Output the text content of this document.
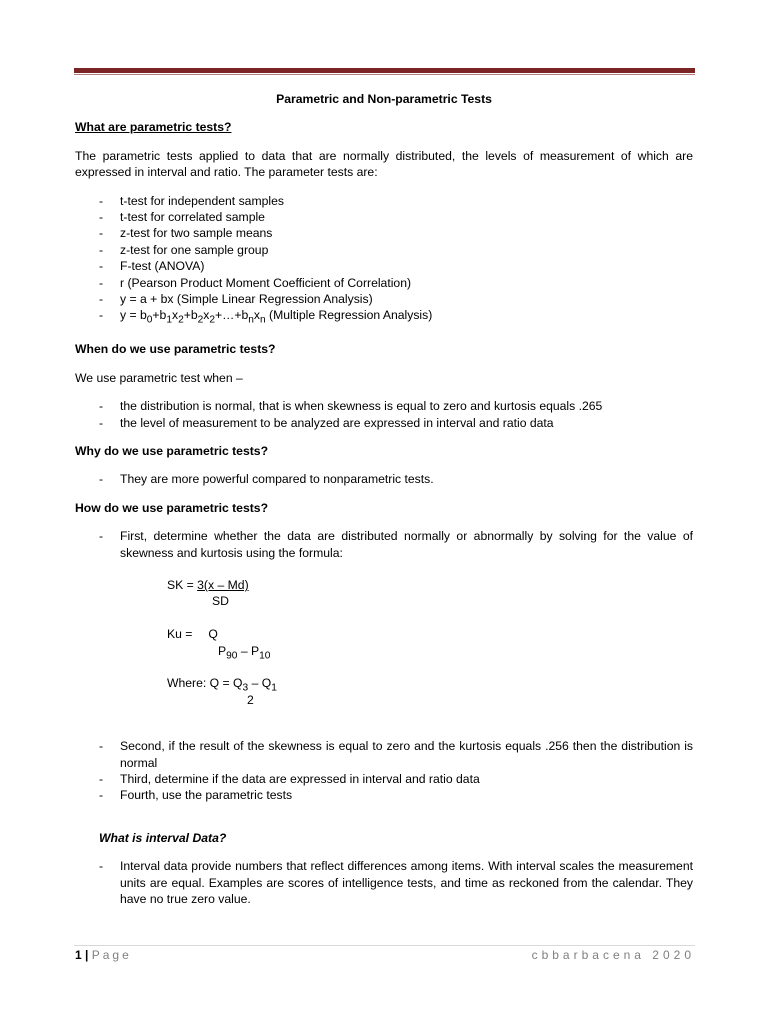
Parametric and Non-parametric Tests
What are parametric tests?

The parametric tests applied to data that are normally distributed, the levels of measurement of which are expressed in interval and ratio. The parameter tests are:

- t-test for independent samples
- t-test for correlated sample
- z-test for two sample means
- z-test for one sample group
- F-test (ANOVA)
- r (Pearson Product Moment Coefficient of Correlation)
- y = a + bx (Simple Linear Regression Analysis)
- $y = b_0+b_1x_2+b_2x_2+\dots+b_nx_n$ (Multiple Regression Analysis)
When do we use parametric tests?

We use parametric test when –

- the distribution is normal, that is when skewness is equal to zero and kurtosis equals .265
- the level of measurement to be analyzed are expressed in interval and ratio data
Why do we use parametric tests?
- They are more powerful compared to nonparametric tests.
How do we use parametric tests?
- First, determine whether the data are distributed normally or abnormally by solving for the value of skewness and kurtosis using the formula:
SK = 3(x – Md)
SD
Ku = Q
$P_{90} - P_{10}$
Where: $Q = Q_3 - Q_1$
2
- Second, if the result of the skewness is equal to zero and the kurtosis equals .256 then the distribution is normal
- Third, determine if the data are expressed in interval and ratio data
- Fourth, use the parametric tests
What is interval Data?
- Interval data provide numbers that reflect differences among items. With interval scales the measurement units are equal. Examples are scores of intelligence tests, and time as reckoned from the calendar. They have no true zero value.
1 | Page	cbbarbacena 2020
